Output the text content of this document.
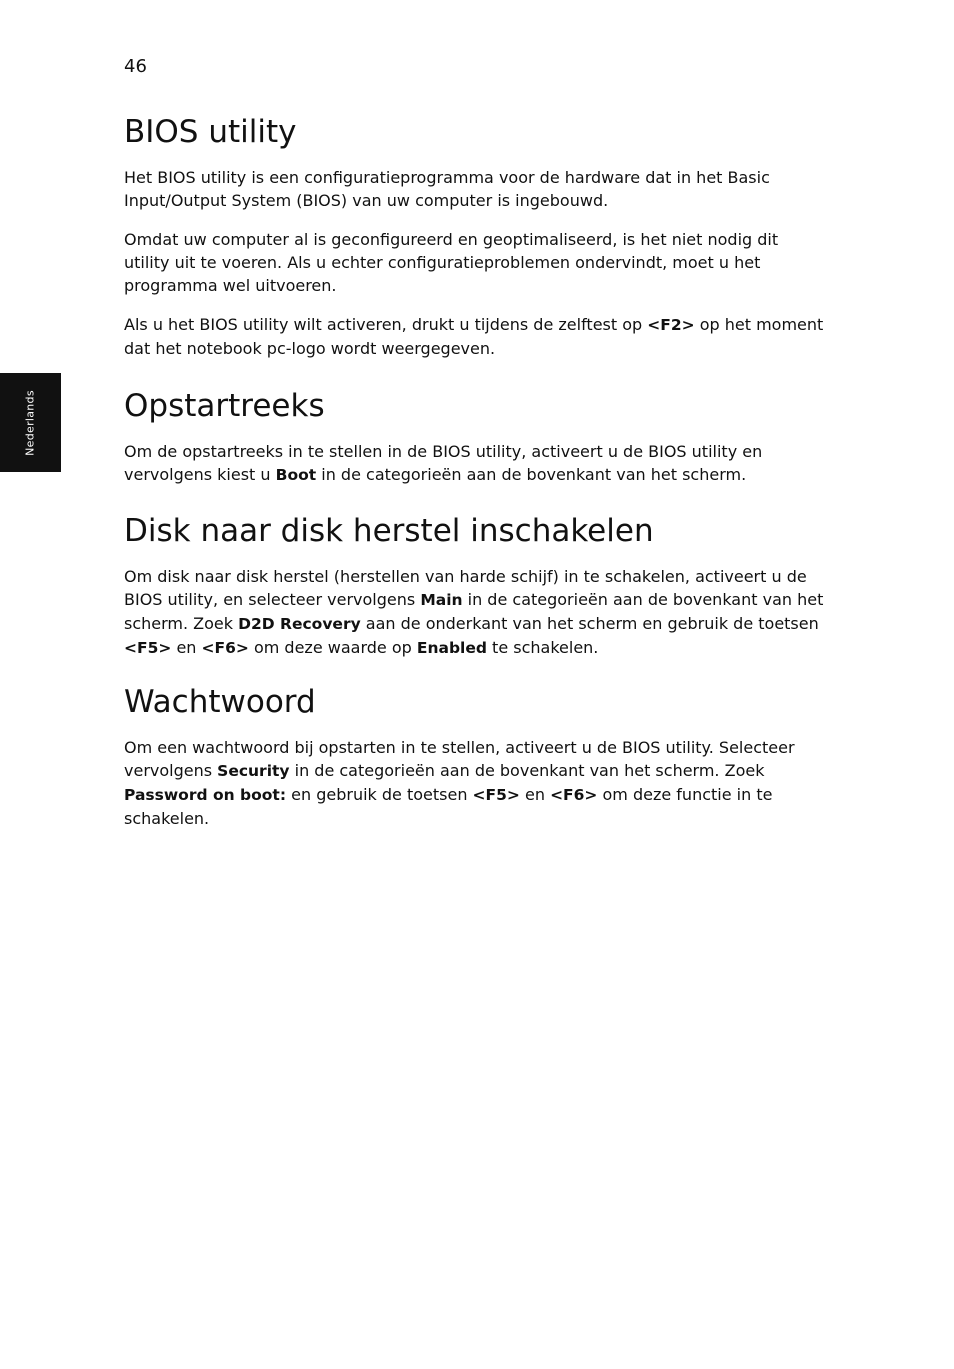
46
Nederlands
BIOS utility

Het BIOS utility is een configuratieprogramma voor de hardware dat in het Basic Input/Output System (BIOS) van uw computer is ingebouwd.

Omdat uw computer al is geconfigureerd en geoptimaliseerd, is het niet nodig dit utility uit te voeren. Als u echter configuratieproblemen ondervindt, moet u het programma wel uitvoeren.

Als u het BIOS utility wilt activeren, drukt u tijdens de zelftest op <F2> op het moment dat het notebook pc-logo wordt weergegeven.

Opstartreeks

Om de opstartreeks in te stellen in de BIOS utility, activeert u de BIOS utility en vervolgens kiest u Boot in de categorieën aan de bovenkant van het scherm.

Disk naar disk herstel inschakelen

Om disk naar disk herstel (herstellen van harde schijf) in te schakelen, activeert u de BIOS utility, en selecteer vervolgens Main in de categorieën aan de bovenkant van het scherm. Zoek D2D Recovery aan de onderkant van het scherm en gebruik de toetsen <F5> en <F6> om deze waarde op Enabled te schakelen.

Wachtwoord

Om een wachtwoord bij opstarten in te stellen, activeert u de BIOS utility. Selecteer vervolgens Security in de categorieën aan de bovenkant van het scherm. Zoek Password on boot: en gebruik de toetsen <F5> en <F6> om deze functie in te schakelen.
